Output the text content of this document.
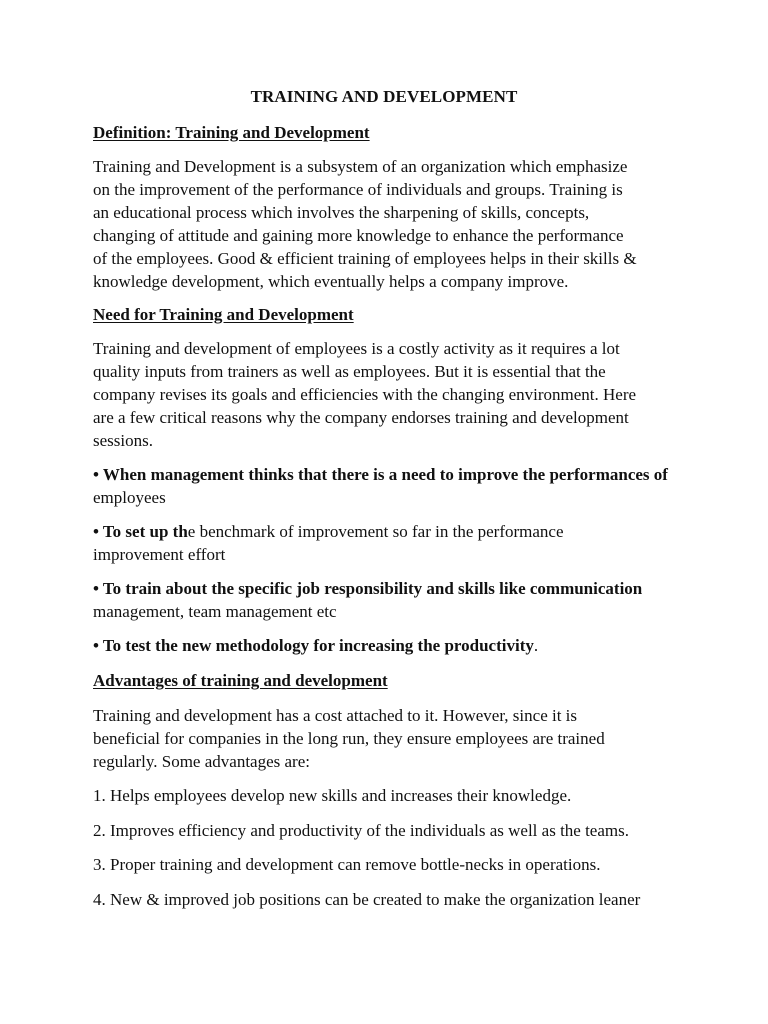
TRAINING AND DEVELOPMENT
Definition: Training and Development
Training and Development is a subsystem of an organization which emphasize
on the improvement of the performance of individuals and groups. Training is
an educational process which involves the sharpening of skills, concepts,
changing of attitude and gaining more knowledge to enhance the performance
of the employees. Good & efficient training of employees helps in their skills &
knowledge development, which eventually helps a company improve.
Need for Training and Development
Training and development of employees is a costly activity as it requires a lot
quality inputs from trainers as well as employees. But it is essential that the
company revises its goals and efficiencies with the changing environment. Here
are a few critical reasons why the company endorses training and development
sessions.
• When management thinks that there is a need to improve the performances of
employees
• To set up the benchmark of improvement so far in the performance
improvement effort
• To train about the specific job responsibility and skills like communication
management, team management etc
• To test the new methodology for increasing the productivity.
Advantages of training and development
Training and development has a cost attached to it. However, since it is
beneficial for companies in the long run, they ensure employees are trained
regularly. Some advantages are:
1. Helps employees develop new skills and increases their knowledge.
2. Improves efficiency and productivity of the individuals as well as the teams.
3. Proper training and development can remove bottle-necks in operations.
4. New & improved job positions can be created to make the organization leaner
